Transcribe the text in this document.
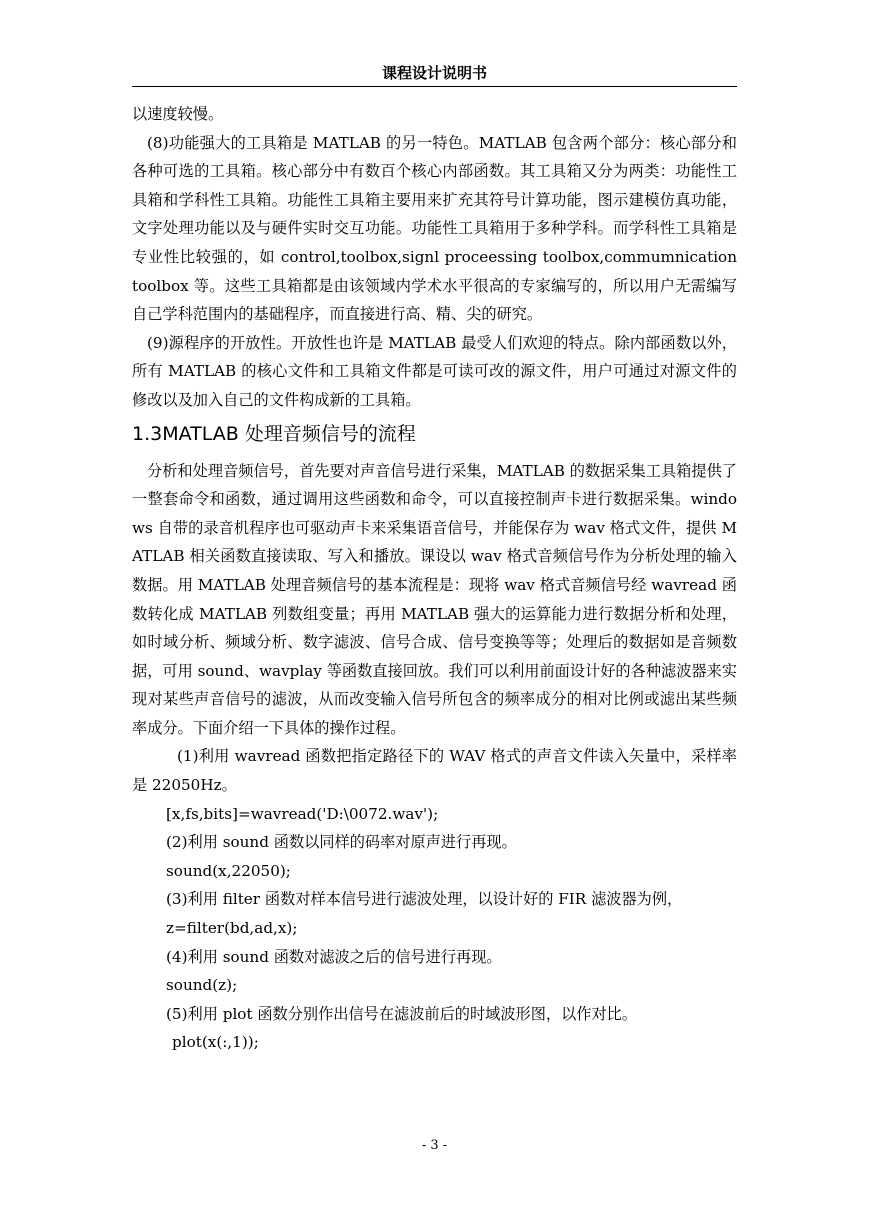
课程设计说明书

以速度较慢。

(8)功能强大的工具箱是 MATLAB 的另一特色。MATLAB 包含两个部分：核心部分和各种可选的工具箱。核心部分中有数百个核心内部函数。其工具箱又分为两类：功能性工具箱和学科性工具箱。功能性工具箱主要用来扩充其符号计算功能，图示建模仿真功能，文字处理功能以及与硬件实时交互功能。功能性工具箱用于多种学科。而学科性工具箱是专业性比较强的，如 control,toolbox,signl proceessing toolbox,commumnication toolbox 等。这些工具箱都是由该领域内学术水平很高的专家编写的，所以用户无需编写自己学科范围内的基础程序，而直接进行高、精、尖的研究。

(9)源程序的开放性。开放性也许是 MATLAB 最受人们欢迎的特点。除内部函数以外，所有 MATLAB 的核心文件和工具箱文件都是可读可改的源文件，用户可通过对源文件的修改以及加入自己的文件构成新的工具箱。

1.3MATLAB 处理音频信号的流程

分析和处理音频信号，首先要对声音信号进行采集，MATLAB 的数据采集工具箱提供了一整套命令和函数，通过调用这些函数和命令，可以直接控制声卡进行数据采集。windows 自带的录音机程序也可驱动声卡来采集语音信号，并能保存为 wav 格式文件，提供 MATLAB 相关函数直接读取、写入和播放。课设以 wav 格式音频信号作为分析处理的输入数据。用 MATLAB 处理音频信号的基本流程是：现将 wav 格式音频信号经 wavread 函数转化成 MATLAB 列数组变量；再用 MATLAB 强大的运算能力进行数据分析和处理，如时域分析、频域分析、数字滤波、信号合成、信号变换等等；处理后的数据如是音频数据，可用 sound、wavplay 等函数直接回放。我们可以利用前面设计好的各种滤波器来实现对某些声音信号的滤波，从而改变输入信号所包含的频率成分的相对比例或滤出某些频率成分。下面介绍一下具体的操作过程。

(1)利用 wavread 函数把指定路径下的 WAV 格式的声音文件读入矢量中，采样率是 22050Hz。

[x,fs,bits]=wavread('D:\0072.wav');

(2)利用 sound 函数以同样的码率对原声进行再现。

sound(x,22050);

(3)利用 filter 函数对样本信号进行滤波处理，以设计好的 FIR 滤波器为例，

z=filter(bd,ad,x);

(4)利用 sound 函数对滤波之后的信号进行再现。

sound(z);

(5)利用 plot 函数分别作出信号在滤波前后的时域波形图，以作对比。

plot(x(:,1));

- 3 -
